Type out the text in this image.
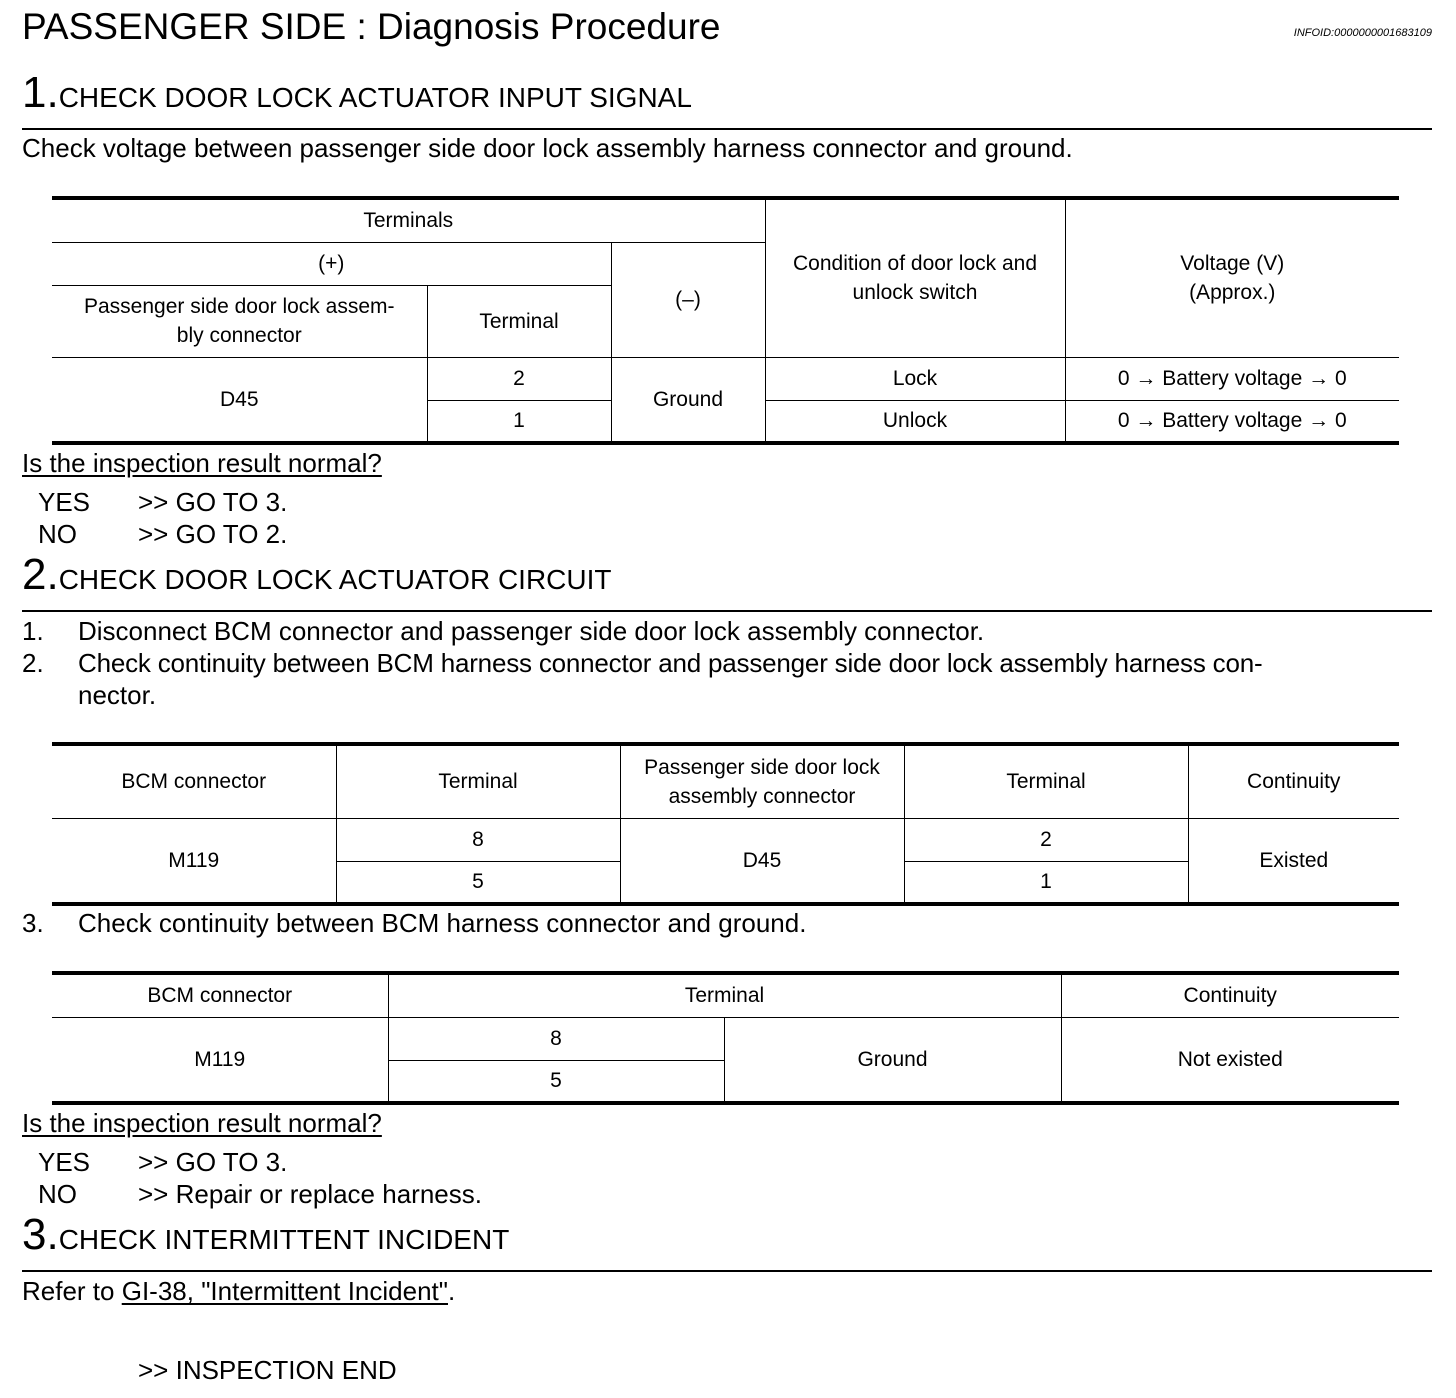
PASSENGER SIDE : Diagnosis Procedure	INFOID:0000000001683109
1.CHECK DOOR LOCK ACTUATOR INPUT SIGNAL
Check voltage between passenger side door lock assembly harness connector and ground.
Terminals			Condition of door lock and
unlock switch	Voltage (V)
(Approx.)
(+)		(–)		
Passenger side door lock assem-
bly connector	Terminal			
D45	2	Ground	Lock	0 → Battery voltage → 0
	1		Unlock	0 → Battery voltage → 0
Is the inspection result normal?
YES >> GO TO 3.
NO >> GO TO 2.
2.CHECK DOOR LOCK ACTUATOR CIRCUIT
1. Disconnect BCM connector and passenger side door lock assembly connector.
2. Check continuity between BCM harness connector and passenger side door lock assembly harness con-
nector.
BCM connector	Terminal	Passenger side door lock
assembly connector	Terminal	Continuity
M119	8	D45	2	Existed
	5		1	
3. Check continuity between BCM harness connector and ground.
BCM connector	Terminal		Continuity
M119	8	Ground	Not existed
	5		
Is the inspection result normal?
YES >> GO TO 3.
NO >> Repair or replace harness.
3.CHECK INTERMITTENT INCIDENT
Refer to GI-38, "Intermittent Incident".
>> INSPECTION END
